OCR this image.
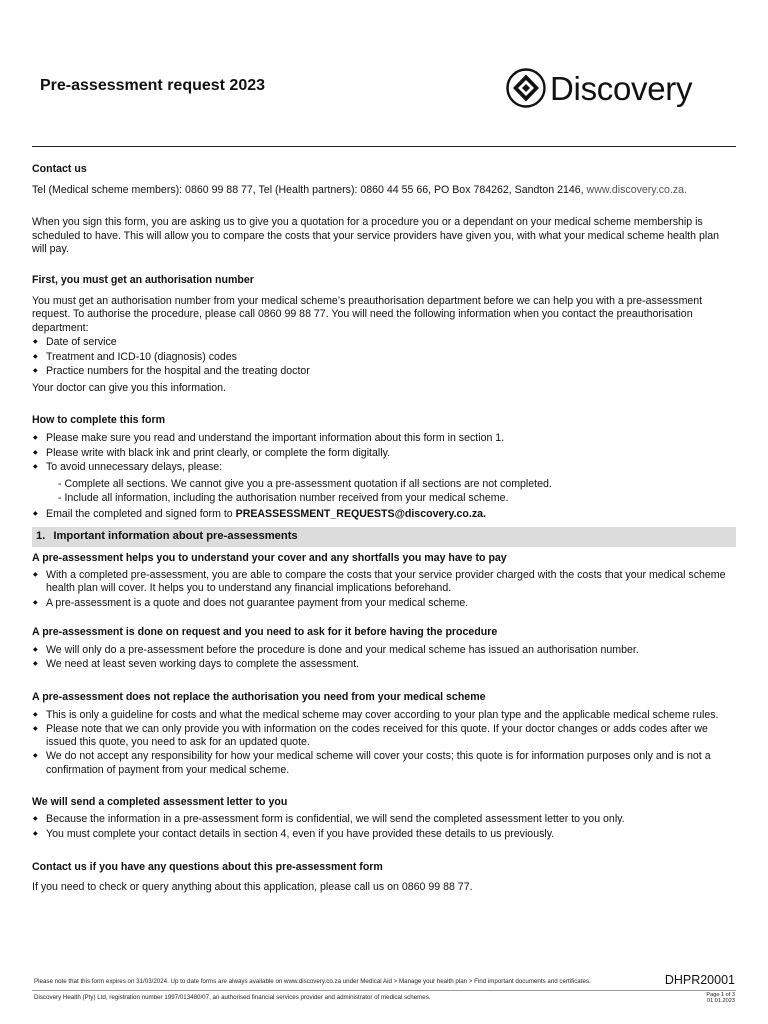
Pre-assessment request 2023	Discovery

Contact us

Tel (Medical scheme members): 0860 99 88 77, Tel (Health partners): 0860 44 55 66, PO Box 784262, Sandton 2146, www.discovery.co.za.

When you sign this form, you are asking us to give you a quotation for a procedure you or a dependant on your medical scheme membership is scheduled to have. This will allow you to compare the costs that your service providers have given you, with what your medical scheme health plan will pay.

First, you must get an authorisation number

You must get an authorisation number from your medical scheme’s preauthorisation department before we can help you with a pre-assessment request. To authorise the procedure, please call 0860 99 88 77. You will need the following information when you contact the preauthorisation department:

◆ Date of service
◆ Treatment and ICD-10 (diagnosis) codes
◆ Practice numbers for the hospital and the treating doctor

Your doctor can give you this information.

How to complete this form

◆ Please make sure you read and understand the important information about this form in section 1.
◆ Please write with black ink and print clearly, or complete the form digitally.
◆ To avoid unnecessary delays, please:

- Complete all sections. We cannot give you a pre-assessment quotation if all sections are not completed.

- Include all information, including the authorisation number received from your medical scheme.

◆ Email the completed and signed form to PREASSESSMENT_REQUESTS@discovery.co.za.
1. Important information about pre-assessments

A pre-assessment helps you to understand your cover and any shortfalls you may have to pay

◆ With a completed pre-assessment, you are able to compare the costs that your service provider charged with the costs that your medical scheme health plan will cover. It helps you to understand any financial implications beforehand.
◆ A pre-assessment is a quote and does not guarantee payment from your medical scheme.

A pre-assessment is done on request and you need to ask for it before having the procedure

◆ We will only do a pre-assessment before the procedure is done and your medical scheme has issued an authorisation number.
◆ We need at least seven working days to complete the assessment.

A pre-assessment does not replace the authorisation you need from your medical scheme

◆ This is only a guideline for costs and what the medical scheme may cover according to your plan type and the applicable medical scheme rules.
◆ Please note that we can only provide you with information on the codes received for this quote. If your doctor changes or adds codes after we issued this quote, you need to ask for an updated quote.
◆ We do not accept any responsibility for how your medical scheme will cover your costs; this quote is for information purposes only and is not a confirmation of payment from your medical scheme.

We will send a completed assessment letter to you

◆ Because the information in a pre-assessment form is confidential, we will send the completed assessment letter to you only.
◆ You must complete your contact details in section 4, even if you have provided these details to us previously.

Contact us if you have any questions about this pre-assessment form

If you need to check or query anything about this application, please call us on 0860 99 88 77.

Please note that this form expires on 31/03/2024. Up to date forms are always available on www.discovery.co.za under Medical Aid > Manage your health plan > Find important documents and certificates.	DHPR20001
Discovery Health (Pty) Ltd, registration number 1997/013480/07, an authorised financial services provider and administrator of medical schemes.	Page 1 of 3
01.01.2023
